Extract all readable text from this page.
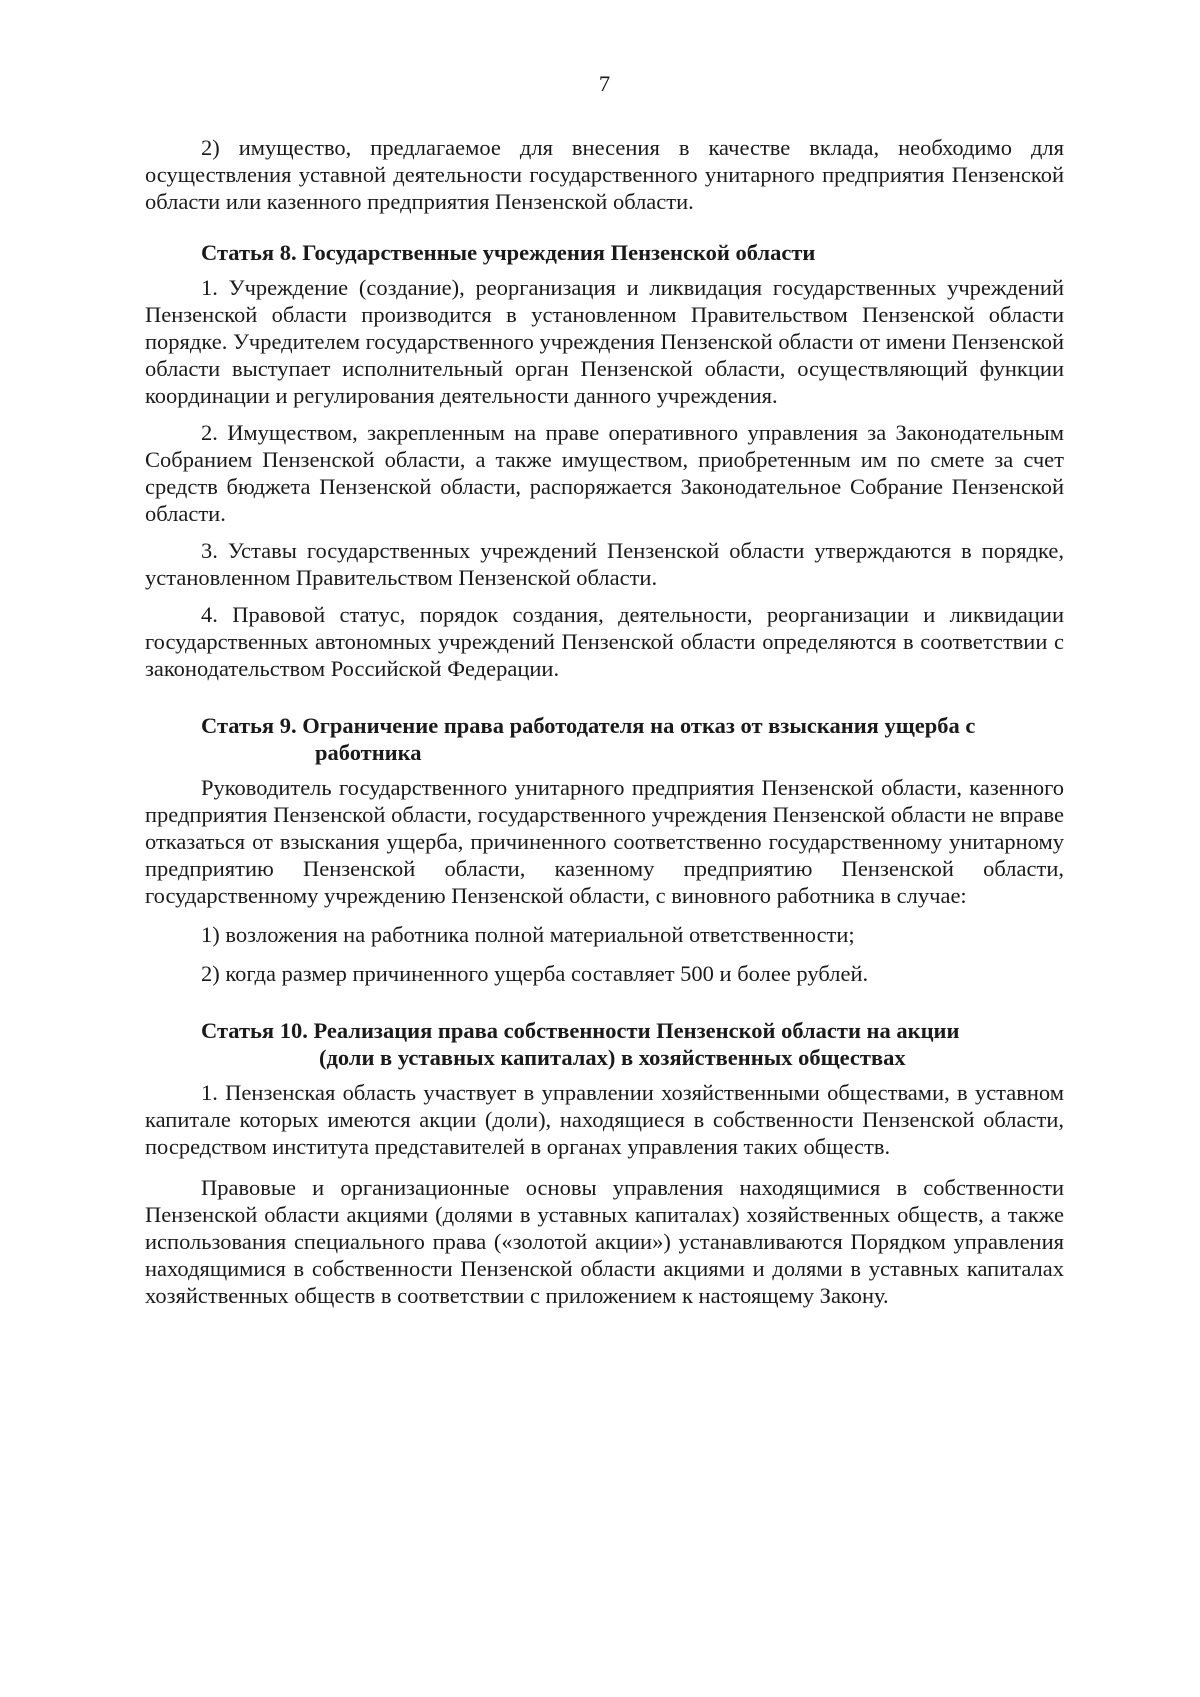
7

2) имущество, предлагаемое для внесения в качестве вклада, необходимо для осуществления уставной деятельности государственного унитарного предприятия Пензенской области или казенного предприятия Пензенской области.

Статья 8. Государственные учреждения Пензенской области

1. Учреждение (создание), реорганизация и ликвидация государственных учреждений Пензенской области производится в установленном Правительством Пензенской области порядке. Учредителем государственного учреждения Пензенской области от имени Пензенской области выступает исполнительный орган Пензенской области, осуществляющий функции координации и регулирования деятельности данного учреждения.

2. Имуществом, закрепленным на праве оперативного управления за Законодательным Собранием Пензенской области, а также имуществом, приобретенным им по смете за счет средств бюджета Пензенской области, распоряжается Законодательное Собрание Пензенской области.

3. Уставы государственных учреждений Пензенской области утверждаются в порядке, установленном Правительством Пензенской области.

4. Правовой статус, порядок создания, деятельности, реорганизации и ликвидации государственных автономных учреждений Пензенской области определяются в соответствии с законодательством Российской Федерации.

Статья 9. Ограничение права работодателя на отказ от взыскания ущерба с
работника

Руководитель государственного унитарного предприятия Пензенской области, казенного предприятия Пензенской области, государственного учреждения Пензенской области не вправе отказаться от взыскания ущерба, причиненного соответственно государственному унитарному предприятию Пензенской области, казенному предприятию Пензенской области, государственному учреждению Пензенской области, с виновного работника в случае:

1) возложения на работника полной материальной ответственности;

2) когда размер причиненного ущерба составляет 500 и более рублей.

Статья 10. Реализация права собственности Пензенской области на акции
(доли в уставных капиталах) в хозяйственных обществах

1. Пензенская область участвует в управлении хозяйственными обществами, в уставном капитале которых имеются акции (доли), находящиеся в собственности Пензенской области, посредством института представителей в органах управления таких обществ.

Правовые и организационные основы управления находящимися в собственности Пензенской области акциями (долями в уставных капиталах) хозяйственных обществ, а также использования специального права («золотой акции») устанавливаются Порядком управления находящимися в собственности Пензенской области акциями и долями в уставных капиталах хозяйственных обществ в соответствии с приложением к настоящему Закону.
